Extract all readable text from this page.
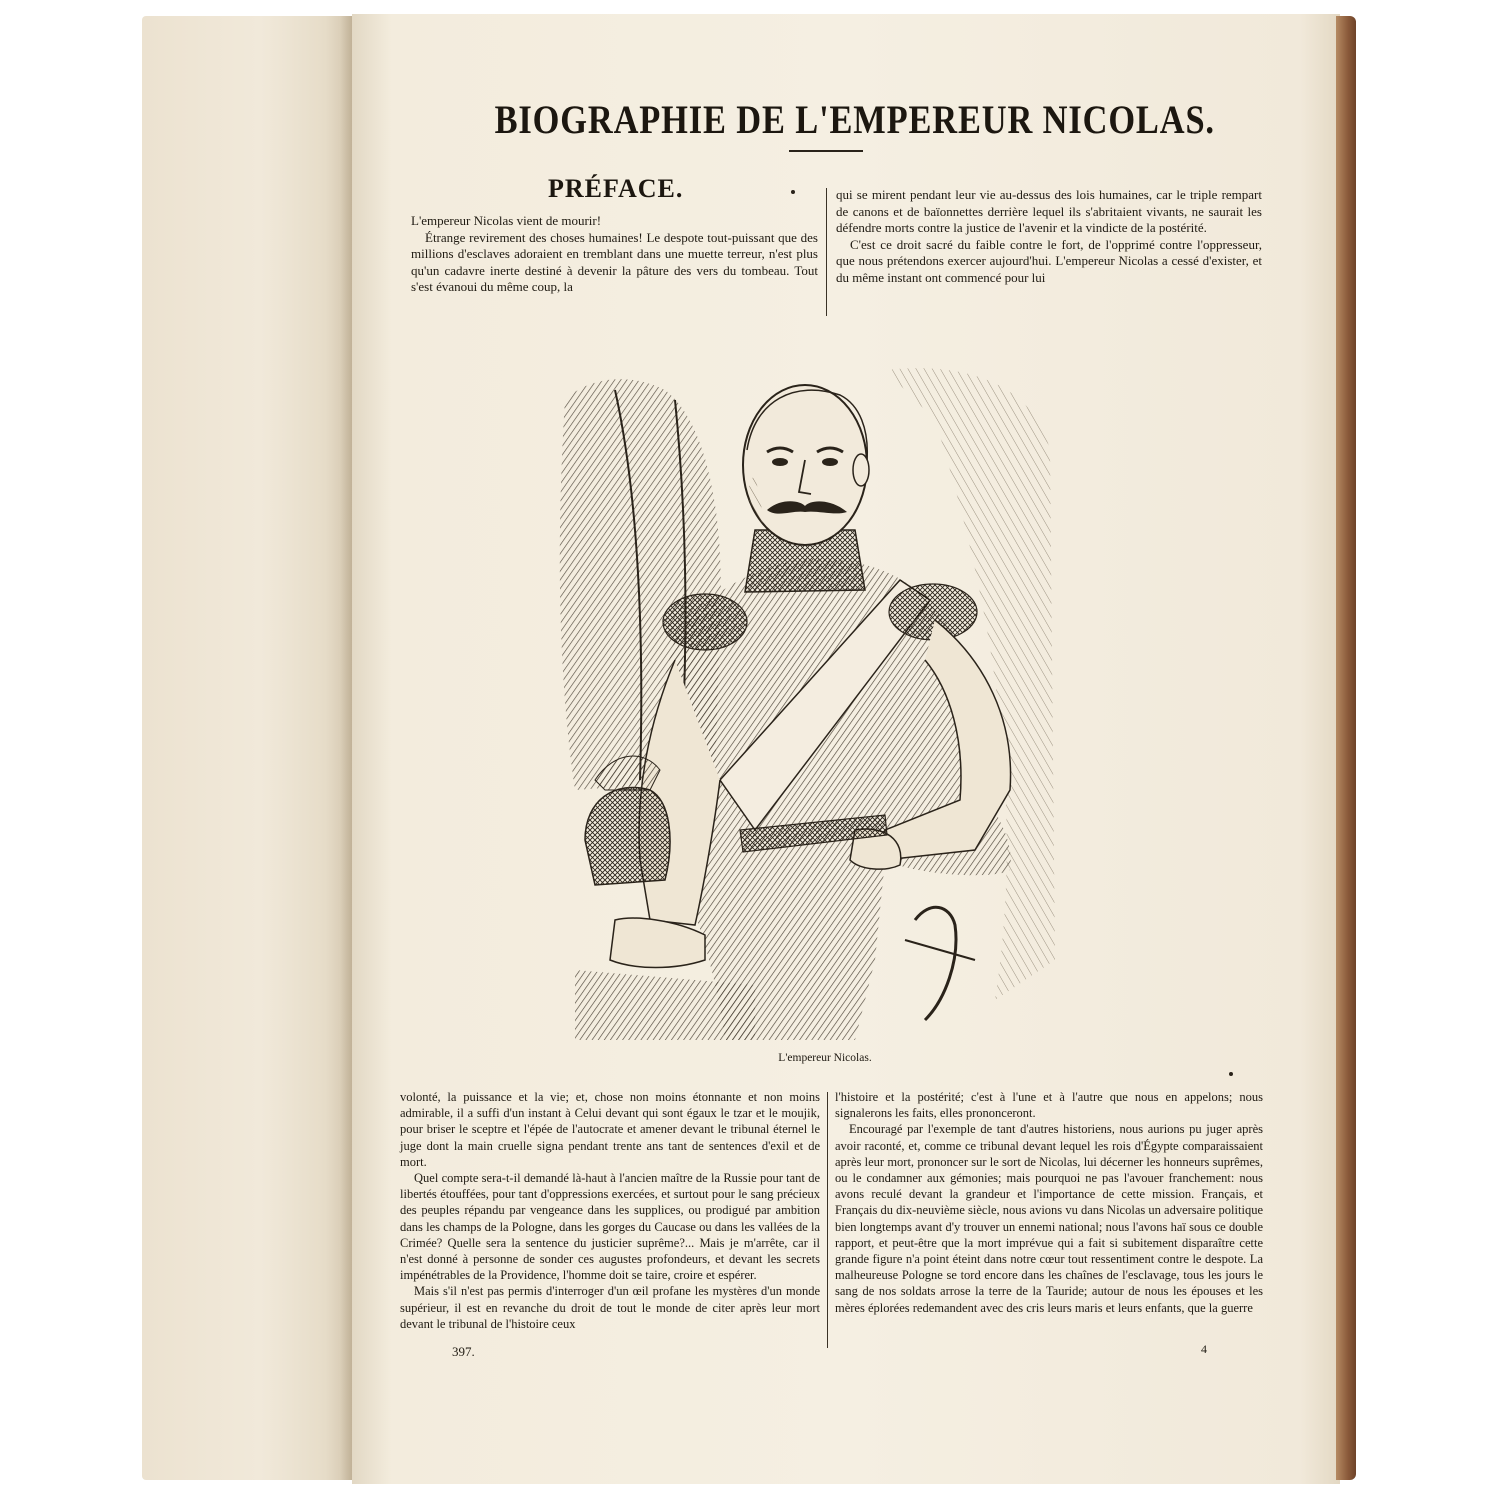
BIOGRAPHIE DE L'EMPEREUR NICOLAS.
PRÉFACE.

L'empereur Nicolas vient de mourir!

Étrange revirement des choses humaines! Le despote tout-puissant que des millions d'esclaves adoraient en tremblant dans une muette terreur, n'est plus qu'un cadavre inerte destiné à devenir la pâture des vers du tombeau. Tout s'est évanoui du même coup, la

qui se mirent pendant leur vie au-dessus des lois humaines, car le triple rempart de canons et de baïonnettes derrière lequel ils s'abritaient vivants, ne saurait les défendre morts contre la justice de l'avenir et la vindicte de la postérité.

C'est ce droit sacré du faible contre le fort, de l'opprimé contre l'oppresseur, que nous prétendons exercer aujourd'hui. L'empereur Nicolas a cessé d'exister, et du même instant ont commencé pour lui

L'empereur Nicolas.

volonté, la puissance et la vie; et, chose non moins étonnante et non moins admirable, il a suffi d'un instant à Celui devant qui sont égaux le tzar et le moujik, pour briser le sceptre et l'épée de l'autocrate et amener devant le tribunal éternel le juge dont la main cruelle signa pendant trente ans tant de sentences d'exil et de mort.

Quel compte sera-t-il demandé là-haut à l'ancien maître de la Russie pour tant de libertés étouffées, pour tant d'oppressions exercées, et surtout pour le sang précieux des peuples répandu par vengeance dans les supplices, ou prodigué par ambition dans les champs de la Pologne, dans les gorges du Caucase ou dans les vallées de la Crimée? Quelle sera la sentence du justicier suprême?... Mais je m'arrête, car il n'est donné à personne de sonder ces augustes profondeurs, et devant les secrets impénétrables de la Providence, l'homme doit se taire, croire et espérer.

Mais s'il n'est pas permis d'interroger d'un œil profane les mystères d'un monde supérieur, il est en revanche du droit de tout le monde de citer après leur mort devant le tribunal de l'histoire ceux

l'histoire et la postérité; c'est à l'une et à l'autre que nous en appelons; nous signalerons les faits, elles prononceront.

Encouragé par l'exemple de tant d'autres historiens, nous aurions pu juger après avoir raconté, et, comme ce tribunal devant lequel les rois d'Égypte comparaissaient après leur mort, prononcer sur le sort de Nicolas, lui décerner les honneurs suprêmes, ou le condamner aux gémonies; mais pourquoi ne pas l'avouer franchement: nous avons reculé devant la grandeur et l'importance de cette mission. Français, et Français du dix-neuvième siècle, nous avions vu dans Nicolas un adversaire politique bien longtemps avant d'y trouver un ennemi national; nous l'avons haï sous ce double rapport, et peut-être que la mort imprévue qui a fait si subitement disparaître cette grande figure n'a point éteint dans notre cœur tout ressentiment contre le despote. La malheureuse Pologne se tord encore dans les chaînes de l'esclavage, tous les jours le sang de nos soldats arrose la terre de la Tauride; autour de nous les épouses et les mères éplorées redemandent avec des cris leurs maris et leurs enfants, que la guerre

397.	4
